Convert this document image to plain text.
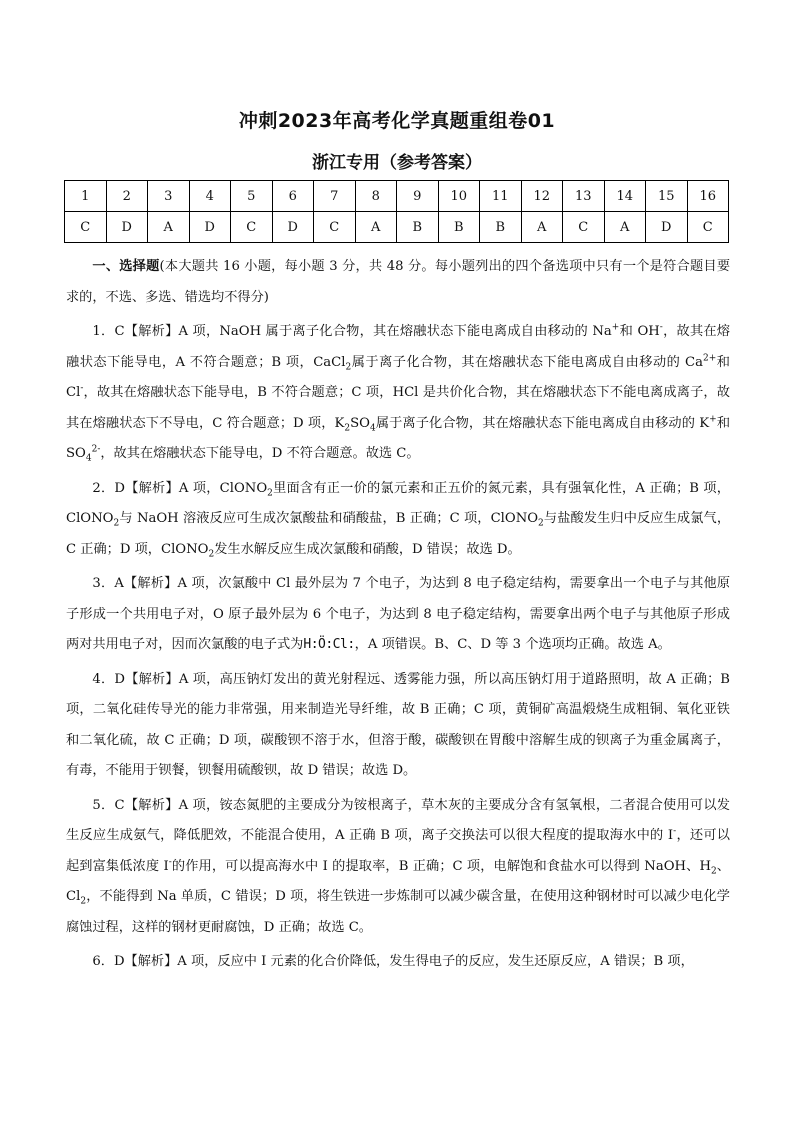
冲刺2023年高考化学真题重组卷01
浙江专用（参考答案）
1	2	3	4	5	6	7	8	9	10	11	12	13	14	15	16
C	D	A	D	C	D	C	A	B	B	B	A	C	A	D	C

一、选择题(本大题共 16 小题，每小题 3 分，共 48 分。每小题列出的四个备选项中只有一个是符合题目要求的，不选、多选、错选均不得分)

1．C【解析】A 项，NaOH 属于离子化合物，其在熔融状态下能电离成自由移动的 Na+和 OH-，故其在熔融状态下能导电，A 不符合题意；B 项，CaCl$_2$属于离子化合物，其在熔融状态下能电离成自由移动的 $Ca^{2+}$和 Cl-，故其在熔融状态下能导电，B 不符合题意；C 项，HCl 是共价化合物，其在熔融状态下不能电离成离子，故其在熔融状态下不导电，C 符合题意；D 项，$K_2SO_4$属于离子化合物，其在熔融状态下能电离成自由移动的 K+和 $SO_4^{2-}$，故其在熔融状态下能导电，D 不符合题意。故选 C。

2．D【解析】A 项，ClONO$_2$里面含有正一价的氯元素和正五价的氮元素，具有强氧化性，A 正确；B 项，ClONO$_2$与 NaOH 溶液反应可生成次氯酸盐和硝酸盐，B 正确；C 项，ClONO$_2$与盐酸发生归中反应生成氯气，C 正确；D 项，ClONO$_2$发生水解反应生成次氯酸和硝酸，D 错误；故选 D。

3．A【解析】A 项，次氯酸中 Cl 最外层为 7 个电子，为达到 8 电子稳定结构，需要拿出一个电子与其他原子形成一个共用电子对，O 原子最外层为 6 个电子，为达到 8 电子稳定结构，需要拿出两个电子与其他原子形成两对共用电子对，因而次氯酸的电子式为H:Ö:Cl:，A 项错误。B、C、D 等 3 个选项均正确。故选 A。

4．D【解析】A 项，高压钠灯发出的黄光射程远、透雾能力强，所以高压钠灯用于道路照明，故 A 正确；B 项，二氧化硅传导光的能力非常强，用来制造光导纤维，故 B 正确；C 项，黄铜矿高温煅烧生成粗铜、氧化亚铁和二氧化硫，故 C 正确；D 项，碳酸钡不溶于水，但溶于酸，碳酸钡在胃酸中溶解生成的钡离子为重金属离子，有毒，不能用于钡餐，钡餐用硫酸钡，故 D 错误；故选 D。

5．C【解析】A 项，铵态氮肥的主要成分为铵根离子，草木灰的主要成分含有氢氧根，二者混合使用可以发生反应生成氨气，降低肥效，不能混合使用，A 正确 B 项，离子交换法可以很大程度的提取海水中的 I-，还可以起到富集低浓度 I-的作用，可以提高海水中 I 的提取率，B 正确；C 项，电解饱和食盐水可以得到 NaOH、$H_2$、$Cl_2$，不能得到 Na 单质，C 错误；D 项，将生铁进一步炼制可以减少碳含量，在使用这种钢材时可以减少电化学腐蚀过程，这样的钢材更耐腐蚀，D 正确；故选 C。

6．D【解析】A 项，反应中 I 元素的化合价降低，发生得电子的反应，发生还原反应，A 错误；B 项，
